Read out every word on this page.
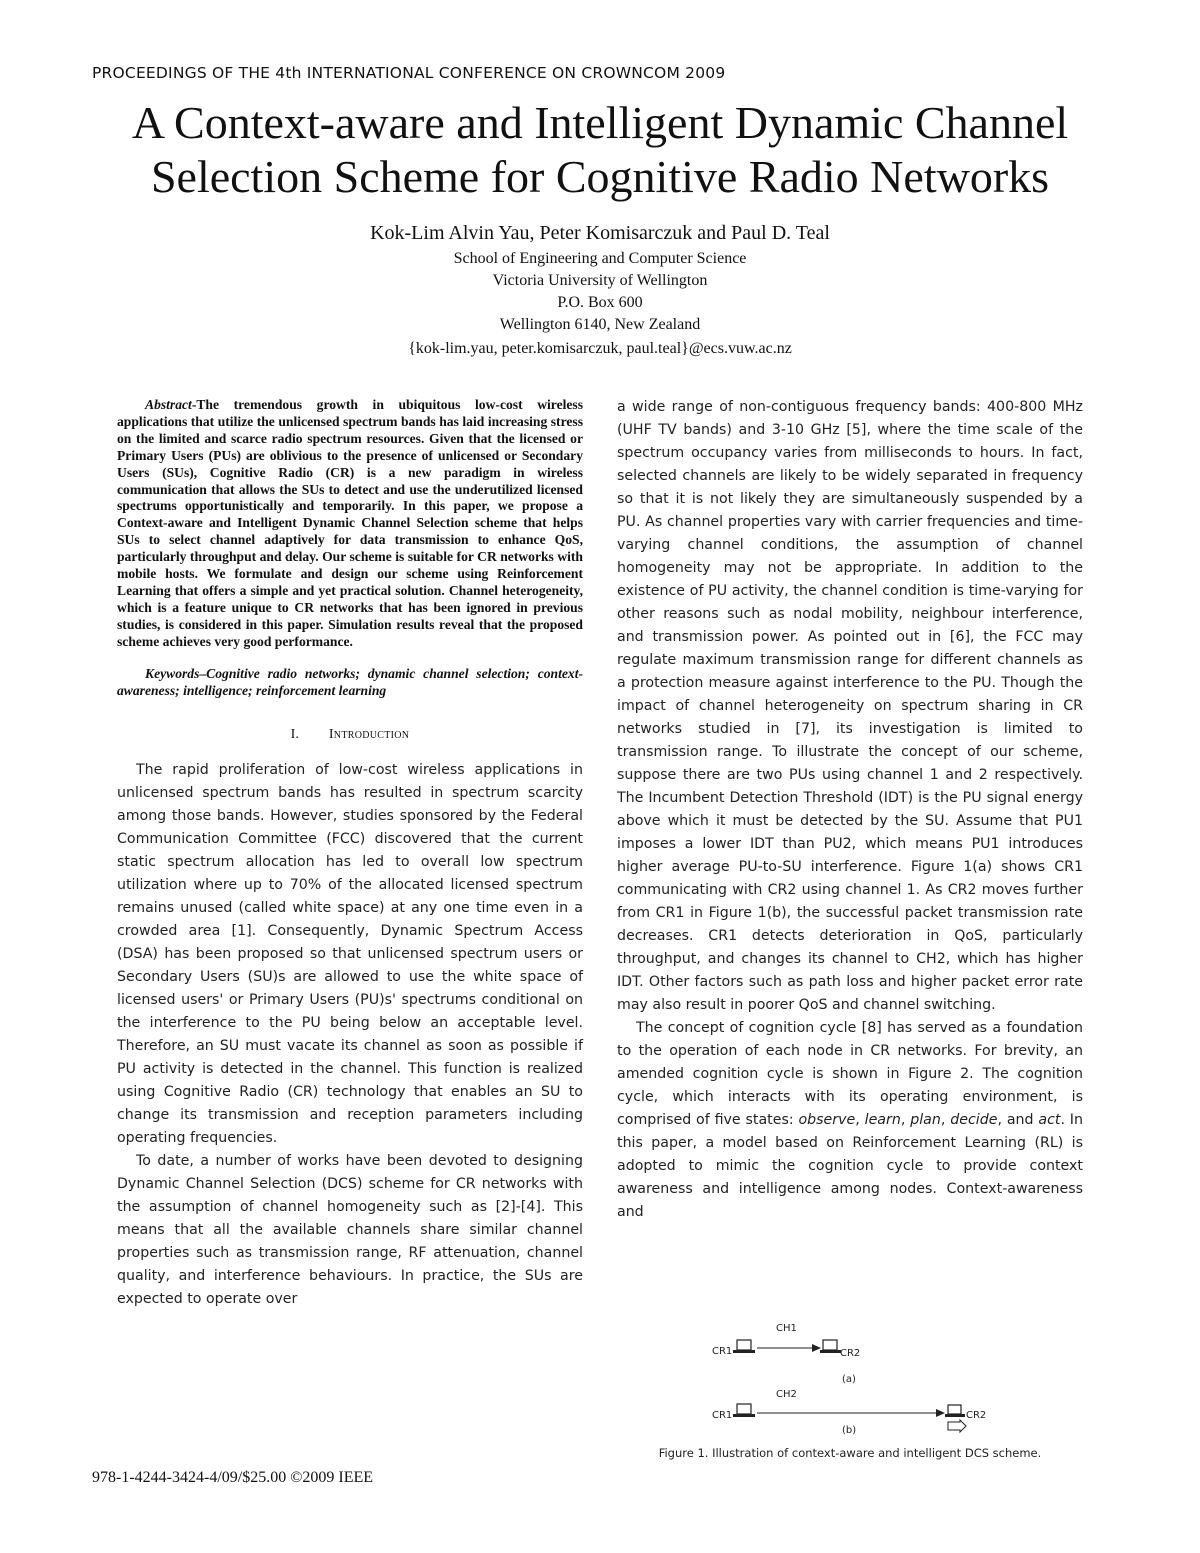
PROCEEDINGS OF THE 4th INTERNATIONAL CONFERENCE ON CROWNCOM 2009
A Context-aware and Intelligent Dynamic Channel
Selection Scheme for Cognitive Radio Networks
Kok-Lim Alvin Yau, Peter Komisarczuk and Paul D. Teal
School of Engineering and Computer Science
Victoria University of Wellington
P.O. Box 600
Wellington 6140, New Zealand
{kok-lim.yau, peter.komisarczuk, paul.teal}@ecs.vuw.ac.nz

Abstract-The tremendous growth in ubiquitous low-cost wireless applications that utilize the unlicensed spectrum bands has laid increasing stress on the limited and scarce radio spectrum resources. Given that the licensed or Primary Users (PUs) are oblivious to the presence of unlicensed or Secondary Users (SUs), Cognitive Radio (CR) is a new paradigm in wireless communication that allows the SUs to detect and use the underutilized licensed spectrums opportunistically and temporarily. In this paper, we propose a Context-aware and Intelligent Dynamic Channel Selection scheme that helps SUs to select channel adaptively for data transmission to enhance QoS, particularly throughput and delay. Our scheme is suitable for CR networks with mobile hosts. We formulate and design our scheme using Reinforcement Learning that offers a simple and yet practical solution. Channel heterogeneity, which is a feature unique to CR networks that has been ignored in previous studies, is considered in this paper. Simulation results reveal that the proposed scheme achieves very good performance.

Keywords–Cognitive radio networks; dynamic channel selection; context-awareness; intelligence; reinforcement learning

I. Introduction

The rapid proliferation of low-cost wireless applications in unlicensed spectrum bands has resulted in spectrum scarcity among those bands. However, studies sponsored by the Federal Communication Committee (FCC) discovered that the current static spectrum allocation has led to overall low spectrum utilization where up to 70% of the allocated licensed spectrum remains unused (called white space) at any one time even in a crowded area [1]. Consequently, Dynamic Spectrum Access (DSA) has been proposed so that unlicensed spectrum users or Secondary Users (SU)s are allowed to use the white space of licensed users' or Primary Users (PU)s' spectrums conditional on the interference to the PU being below an acceptable level. Therefore, an SU must vacate its channel as soon as possible if PU activity is detected in the channel. This function is realized using Cognitive Radio (CR) technology that enables an SU to change its transmission and reception parameters including operating frequencies.

To date, a number of works have been devoted to designing Dynamic Channel Selection (DCS) scheme for CR networks with the assumption of channel homogeneity such as [2]-[4]. This means that all the available channels share similar channel properties such as transmission range, RF attenuation, channel quality, and interference behaviours. In practice, the SUs are expected to operate over

a wide range of non-contiguous frequency bands: 400-800 MHz (UHF TV bands) and 3-10 GHz [5], where the time scale of the spectrum occupancy varies from milliseconds to hours. In fact, selected channels are likely to be widely separated in frequency so that it is not likely they are simultaneously suspended by a PU. As channel properties vary with carrier frequencies and time-varying channel conditions, the assumption of channel homogeneity may not be appropriate. In addition to the existence of PU activity, the channel condition is time-varying for other reasons such as nodal mobility, neighbour interference, and transmission power. As pointed out in [6], the FCC may regulate maximum transmission range for different channels as a protection measure against interference to the PU. Though the impact of channel heterogeneity on spectrum sharing in CR networks studied in [7], its investigation is limited to transmission range. To illustrate the concept of our scheme, suppose there are two PUs using channel 1 and 2 respectively. The Incumbent Detection Threshold (IDT) is the PU signal energy above which it must be detected by the SU. Assume that PU1 imposes a lower IDT than PU2, which means PU1 introduces higher average PU-to-SU interference. Figure 1(a) shows CR1 communicating with CR2 using channel 1. As CR2 moves further from CR1 in Figure 1(b), the successful packet transmission rate decreases. CR1 detects deterioration in QoS, particularly throughput, and changes its channel to CH2, which has higher IDT. Other factors such as path loss and higher packet error rate may also result in poorer QoS and channel switching.

The concept of cognition cycle [8] has served as a foundation to the operation of each node in CR networks. For brevity, an amended cognition cycle is shown in Figure 2. The cognition cycle, which interacts with its operating environment, is comprised of five states: observe, learn, plan, decide, and act. In this paper, a model based on Reinforcement Learning (RL) is adopted to mimic the cognition cycle to provide context awareness and intelligence among nodes. Context-awareness and

CH1
CR1	CR2
(a)
CH2
CR1	CR2
(b)
Figure 1. Illustration of context-aware and intelligent DCS scheme.
978-1-4244-3424-4/09/$25.00 ©2009 IEEE
